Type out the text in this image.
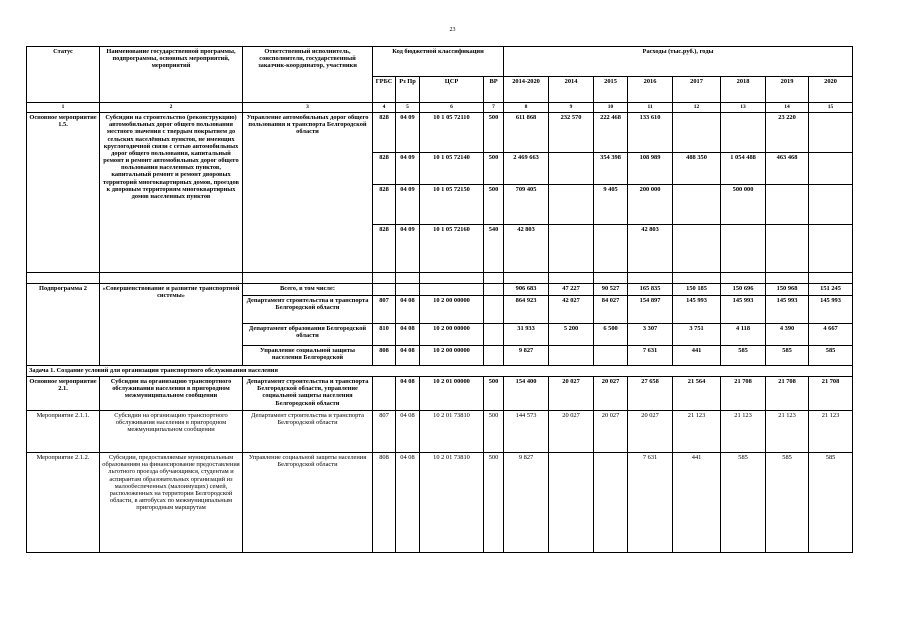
23
Статус	Наименование государственной программы, подпрограммы, основных мероприятий, мероприятий	Ответственный исполнитель, соисполнители, государственный заказчик-координатор, участники	Код бюджетной классификации				Расходы (тыс.руб.), годы							
			ГРБС	Рз Пр	ЦСР	ВР	2014-2020	2014	2015	2016	2017	2018	2019	2020
1	2	3	4	5	6	7	8	9	10	11	12	13	14	15
Основное мероприятие 1.5.	Субсидии на строительство (реконструкцию) автомобильных дорог общего пользования местного значения с твердым покрытием до сельских населённых пунктов, не имеющих круглогодичной связи с сетью автомобильных дорог общего пользования, капитальный ремонт и ремонт автомобильных дорог общего пользования населенных пунктов, капитальный ремонт и ремонт дворовых территорий многоквартирных домов, проездов к дворовым территориям многоквартирных домов населенных пунктов	Управление автомобильных дорог общего пользования и транспорта Белгородской области	828	04 09	10 1 05 72110	500	611 868	232 570	222 468	133 610			23 220	
			828	04 09	10 1 05 72140	500	2 469 663		354 398	108 989	488 350	1 054 488	463 468	
			828	04 09	10 1 05 72150	500	709 405		9 405	200 000		500 000		
			828	04 09	10 1 05 72160	540	42 803			42 803				

Подпрограмма 2	«Совершенствование и развитие транспортной системы»	Всего, в том числе:					906 683	47 227	90 527	165 835	150 185	150 696	150 968	151 245
		Департамент строительства и транспорта Белгородской области	807	04 08	10 2 00 00000		864 923	42 027	84 027	154 897	145 993	145 993	145 993	145 993
		Департамент образования Белгородской области	810	04 08	10 2 00 00000		31 933	5 200	6 500	3 307	3 751	4 118	4 390	4 667
		Управление социальной защиты населения Белгородской	808	04 08	10 2 00 00000		9 827			7 631	441	585	585	585
Задача 1. Создание условий для организации транспортного обслуживания населения														
Основное мероприятие 2.1.	Субсидии на организацию транспортного обслуживания населения в пригородном межмуниципальном сообщении	Департамент строительства и транспорта Белгородской области, управление социальной защиты населения Белгородской области		04 08	10 2 01 00000	500	154 400	20 027	20 027	27 658	21 564	21 708	21 708	21 708
Мероприятие 2.1.1.	Субсидии на организацию транспортного обслуживания населения в пригородном межмуниципальном сообщении	Департамент строительства и транспорта Белгородской области	807	04 08	10 2 01 73810	500	144 573	20 027	20 027	20 027	21 123	21 123	21 123	21 123
Мероприятие 2.1.2.	Субсидии, предоставляемые муниципальным образованиям на финансирование предоставления льготного проезда обучающимся, студентам и аспирантам образовательных организаций из малообеспеченных (малоимущих) семей, расположенных на территории Белгородской области, в автобусах по межмуниципальным пригородным маршрутам	Управление социальной защиты населения Белгородской области	808	04 08	10 2 01 73810	500	9 827			7 631	441	585	585	585
